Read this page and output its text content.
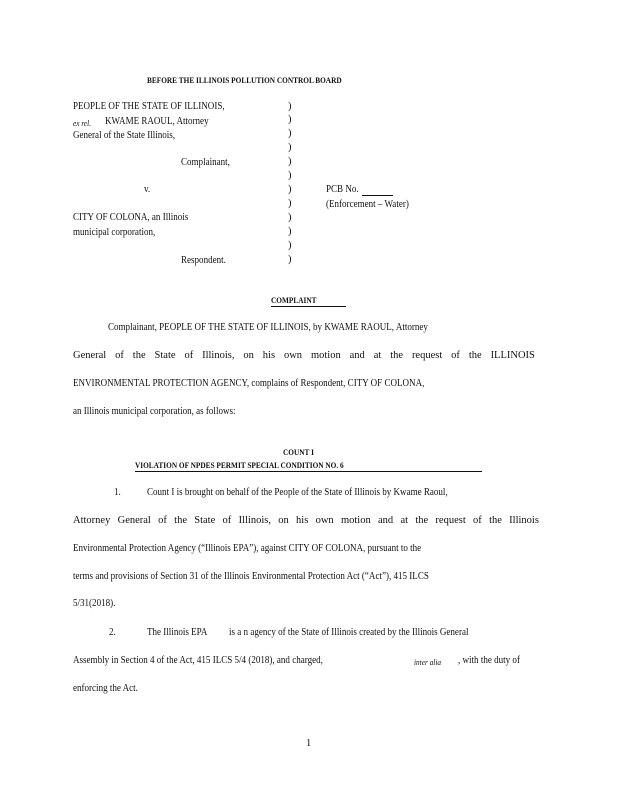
BEFORE THE ILLINOIS POLLUTION CONTROL BOARD
PEOPLE OF THE STATE OF ILLINOIS,
ex rel. KWAME RAOUL, Attorney
General of the State Illinois,
Complainant,
v.
CITY OF COLONA, an Illinois
municipal corporation,
Respondent.
)
)
)
)
)
)
)
)
)
)
)
)
PCB No.
(Enforcement – Water)
COMPLAINT
Complainant, PEOPLE OF THE STATE OF ILLINOIS, by KWAME RAOUL, Attorney
General of the State of Illinois, on his own motion and at the request of the ILLINOIS
ENVIRONMENTAL PROTECTION AGENCY, complains of Respondent, CITY OF COLONA,
an Illinois municipal corporation, as follows:
COUNT I
VIOLATION OF NPDES PERMIT SPECIAL CONDITION NO. 6
1. Count I is brought on behalf of the People of the State of Illinois by Kwame Raoul,
Attorney General of the State of Illinois, on his own motion and at the request of the Illinois
Environmental Protection Agency (“Illinois EPA”), against CITY OF COLONA, pursuant to the
terms and provisions of Section 31 of the Illinois Environmental Protection Act (“Act”), 415 ILCS
5/31(2018).
2.	The Illinois EPA is a n agency of the State of Illinois created by the Illinois General
Assembly in Section 4 of the Act, 415 ILCS 5/4 (2018), and charged,	inter alia , with the duty of
enforcing the Act.
1
